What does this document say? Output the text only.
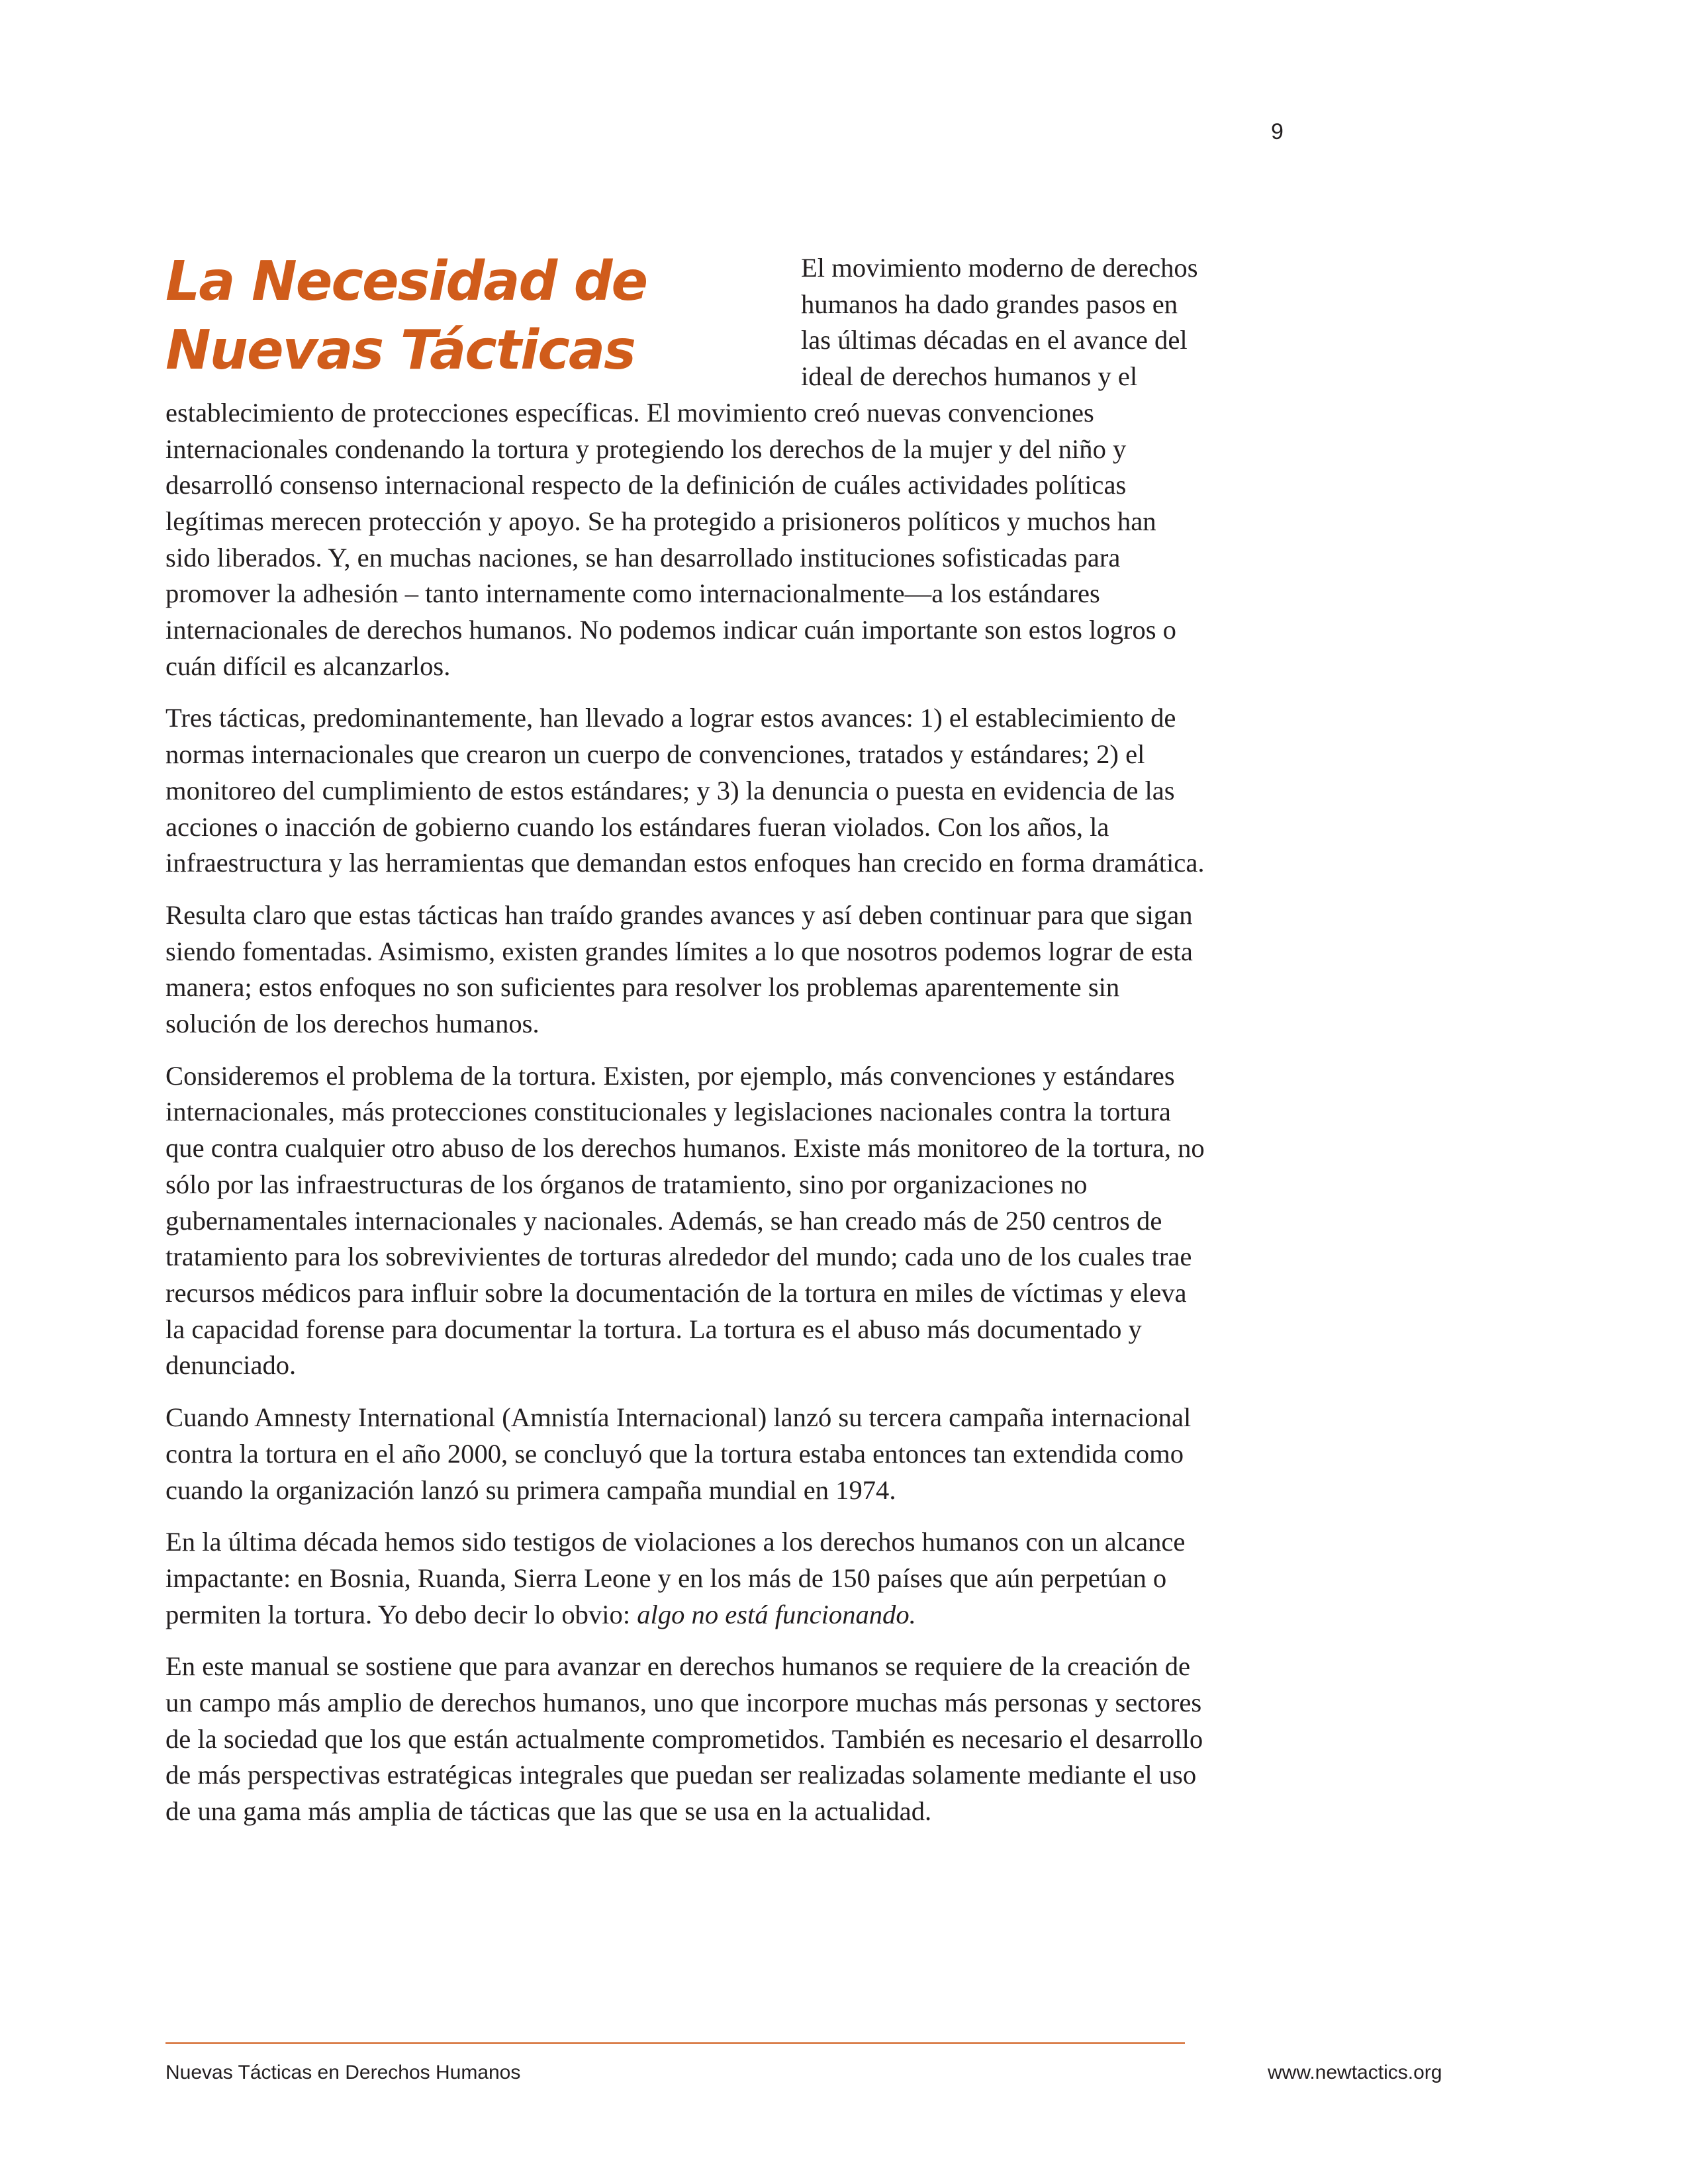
9
La Necesidad de
Nuevas Tácticas

El movimiento moderno de derechos humanos ha dado grandes pasos en las últimas décadas en el avance del ideal de derechos humanos y el establecimiento de protecciones específicas. El movimiento creó nuevas convenciones internacionales condenando la tortura y protegiendo los derechos de la mujer y del niño y desarrolló consenso internacional respecto de la definición de cuáles actividades políticas legítimas merecen protección y apoyo. Se ha protegido a prisioneros políticos y muchos han sido liberados. Y, en muchas naciones, se han desarrollado instituciones sofisticadas para promover la adhesión – tanto internamente como internacionalmente—a los estándares internacionales de derechos humanos. No podemos indicar cuán importante son estos logros o cuán difícil es alcanzarlos.

Tres tácticas, predominantemente, han llevado a lograr estos avances: 1) el establecimiento de normas internacionales que crearon un cuerpo de convenciones, tratados y estándares; 2) el monitoreo del cumplimiento de estos estándares; y 3) la denuncia o puesta en evidencia de las acciones o inacción de gobierno cuando los estándares fueran violados. Con los años, la infraestructura y las herramientas que demandan estos enfoques han crecido en forma dramática.

Resulta claro que estas tácticas han traído grandes avances y así deben continuar para que sigan siendo fomentadas. Asimismo, existen grandes límites a lo que nosotros podemos lograr de esta manera; estos enfoques no son suficientes para resolver los problemas aparentemente sin solución de los derechos humanos.

Consideremos el problema de la tortura. Existen, por ejemplo, más convenciones y estándares internacionales, más protecciones constitucionales y legislaciones nacionales contra la tortura que contra cualquier otro abuso de los derechos humanos. Existe más monitoreo de la tortura, no sólo por las infraestructuras de los órganos de tratamiento, sino por organizaciones no gubernamentales internacionales y nacionales. Además, se han creado más de 250 centros de tratamiento para los sobrevivientes de torturas alrededor del mundo; cada uno de los cuales trae recursos médicos para influir sobre la documentación de la tortura en miles de víctimas y eleva la capacidad forense para documentar la tortura. La tortura es el abuso más documentado y denunciado.

Cuando Amnesty International (Amnistía Internacional) lanzó su tercera campaña internacional contra la tortura en el año 2000, se concluyó que la tortura estaba entonces tan extendida como cuando la organización lanzó su primera campaña mundial en 1974.

En la última década hemos sido testigos de violaciones a los derechos humanos con un alcance impactante: en Bosnia, Ruanda, Sierra Leone y en los más de 150 países que aún perpetúan o permiten la tortura. Yo debo decir lo obvio: algo no está funcionando.

En este manual se sostiene que para avanzar en derechos humanos se requiere de la creación de un campo más amplio de derechos humanos, uno que incorpore muchas más personas y sectores de la sociedad que los que están actualmente comprometidos. También es necesario el desarrollo de más perspectivas estratégicas integrales que puedan ser realizadas solamente mediante el uso de una gama más amplia de tácticas que las que se usa en la actualidad.

Nuevas Tácticas en Derechos Humanos	www.newtactics.org
